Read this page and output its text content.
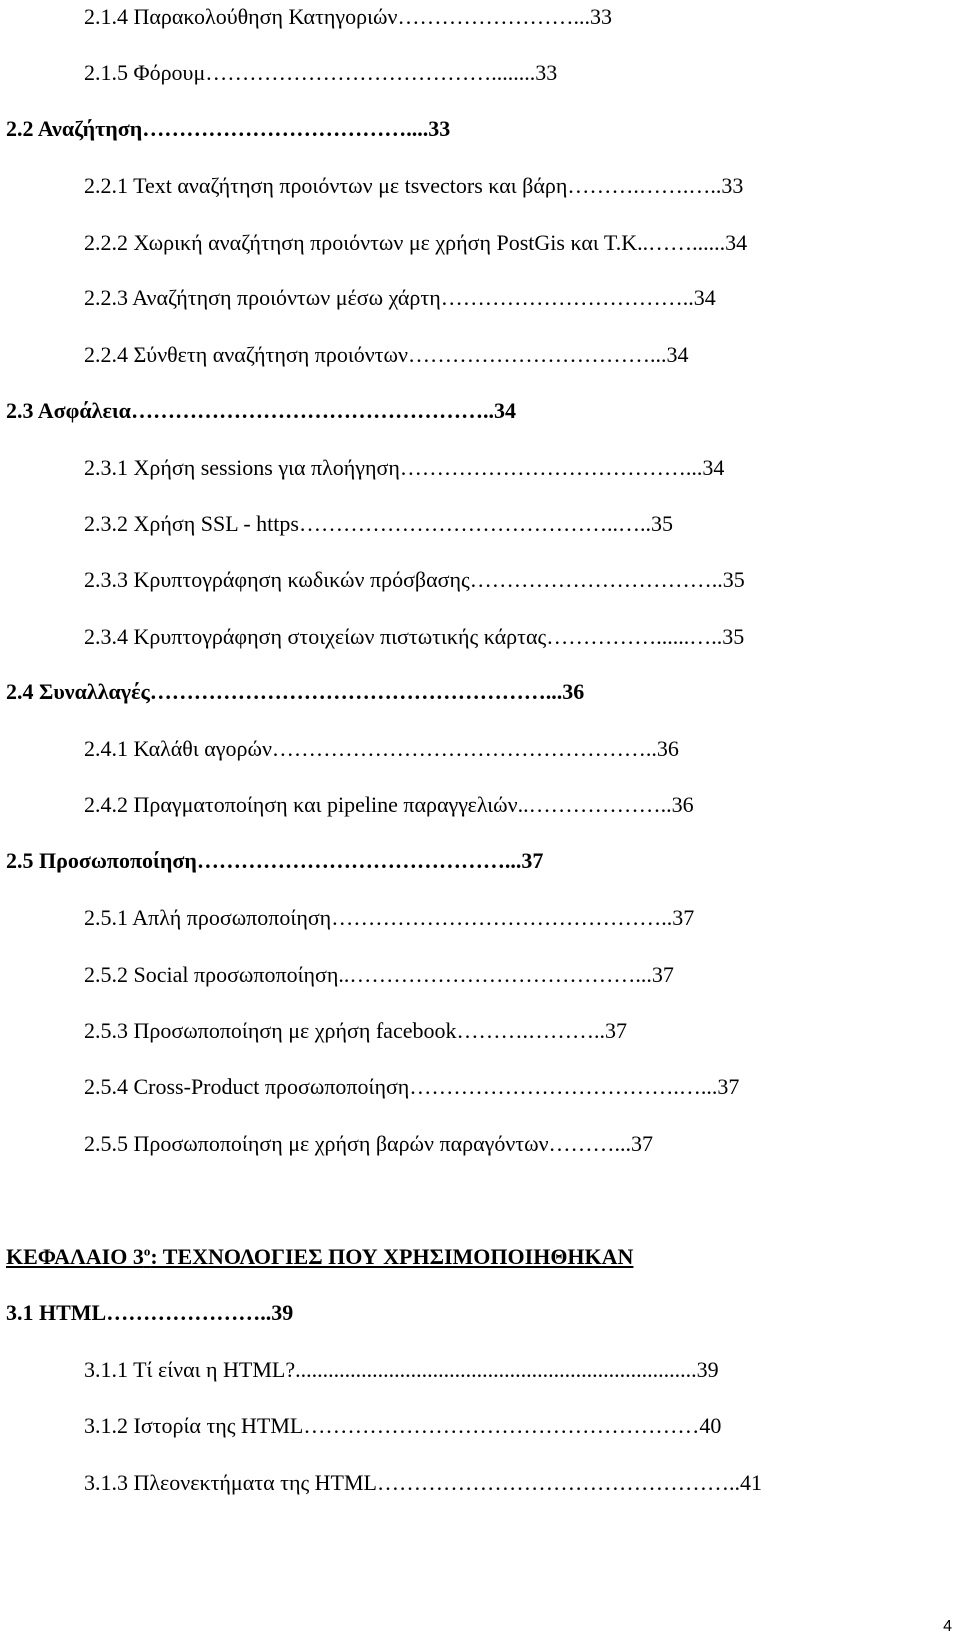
2.1.4 Παρακολούθηση Κατηγοριών……………………...33
2.1.5 Φόρουμ…………………………………........33
2.2 Αναζήτηση………………………………....33
2.2.1 Text αναζήτηση προιόντων με tsvectors και βάρη……….…….…..33
2.2.2 Χωρική αναζήτηση προιόντων με χρήση PostGis και Τ.Κ..……......34
2.2.3 Αναζήτηση προιόντων μέσω χάρτη……………………………..34
2.2.4 Σύνθετη αναζήτηση προιόντων……………………………...34
2.3 Ασφάλεια…………………………………………..34
2.3.1 Χρήση sessions για πλοήγηση…………………………………...34
2.3.2 Χρήση SSL - https……………………………………..…..35
2.3.3 Κρυπτογράφηση κωδικών πρόσβασης……………………………..35
2.3.4 Κρυπτογράφηση στοιχείων πιστωτικής κάρτας……………......…..35
2.4 Συναλλαγές………………………………………………...36
2.4.1 Καλάθι αγορών……………………………………………..36
2.4.2 Πραγματοποίηση και pipeline παραγγελιών..………………..36
2.5 Προσωποποίηση……………………………………...37
2.5.1 Απλή προσωποποίηση………………………………………..37
2.5.2 Social προσωποποίηση..…………………………………...37
2.5.3 Προσωποποίηση με χρήση facebook……….………..37
2.5.4 Cross-Product προσωποποίηση……………………………….…...37
2.5.5 Προσωποποίηση με χρήση βαρών παραγόντων………...37
ΚΕΦΑΛΑΙΟ $3^o$: ΤΕΧΝΟΛΟΓΙΕΣ ΠΟΥ ΧΡΗΣΙΜΟΠΟΙΗΘΗΚΑΝ
3.1 HTML…………………..39
3.1.1 Τί είναι η HTML?.........................................................................39
3.1.2 Ιστορία της HTML………………………………………………40
3.1.3 Πλεονεκτήματα της HTML…………………………………………..41
4
